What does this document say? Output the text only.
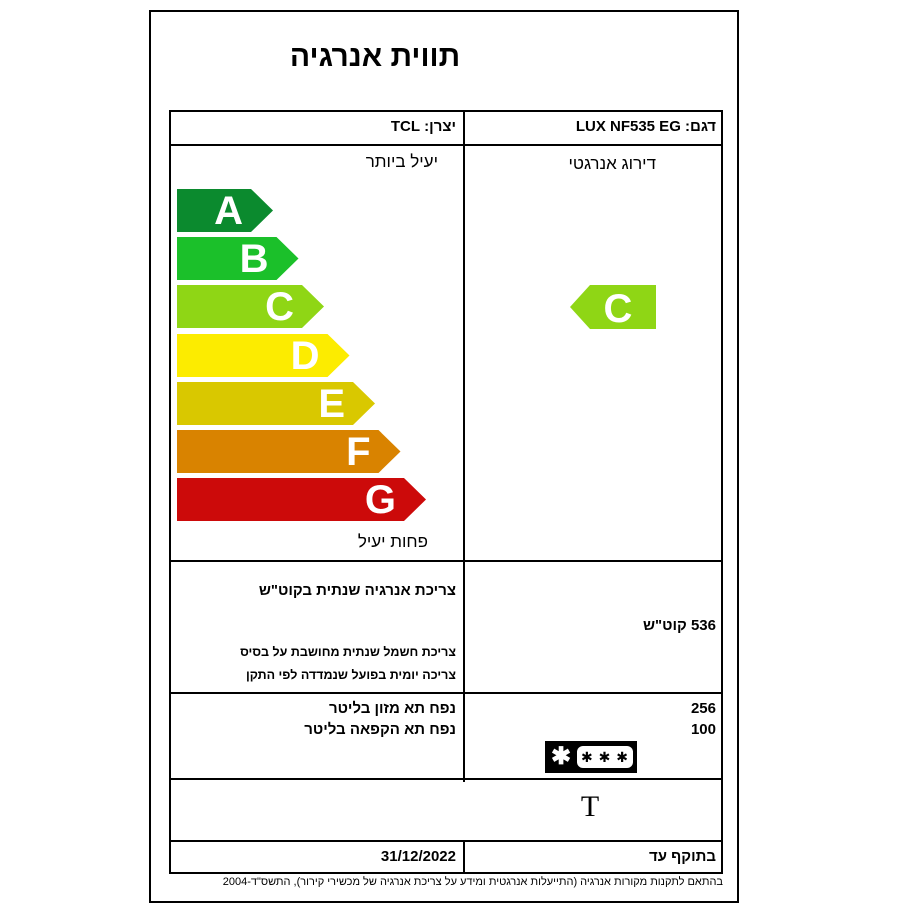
תווית אנרגיה
דגם: LUX NF535 EG
יצרן: TCL
יעיל ביותר
פחות יעיל
דירוג אנרגטי
A
B
C
D
E
F
G
C
צריכת אנרגיה שנתית בקוט"ש
536 קוט"ש
צריכת חשמל שנתית מחושבת על בסיס
צריכה יומית בפועל שנמדדה לפי התקן
נפח תא מזון בליטר
נפח תא הקפאה בליטר
256
100
✱ ✱ ✱ ✱
T
בתוקף עד
31/12/2022
בהתאם לתקנות מקורות אנרגיה (התייעלות אנרגטית ומידע על צריכת אנרגיה של מכשירי קירור), התשס"ד-2004
